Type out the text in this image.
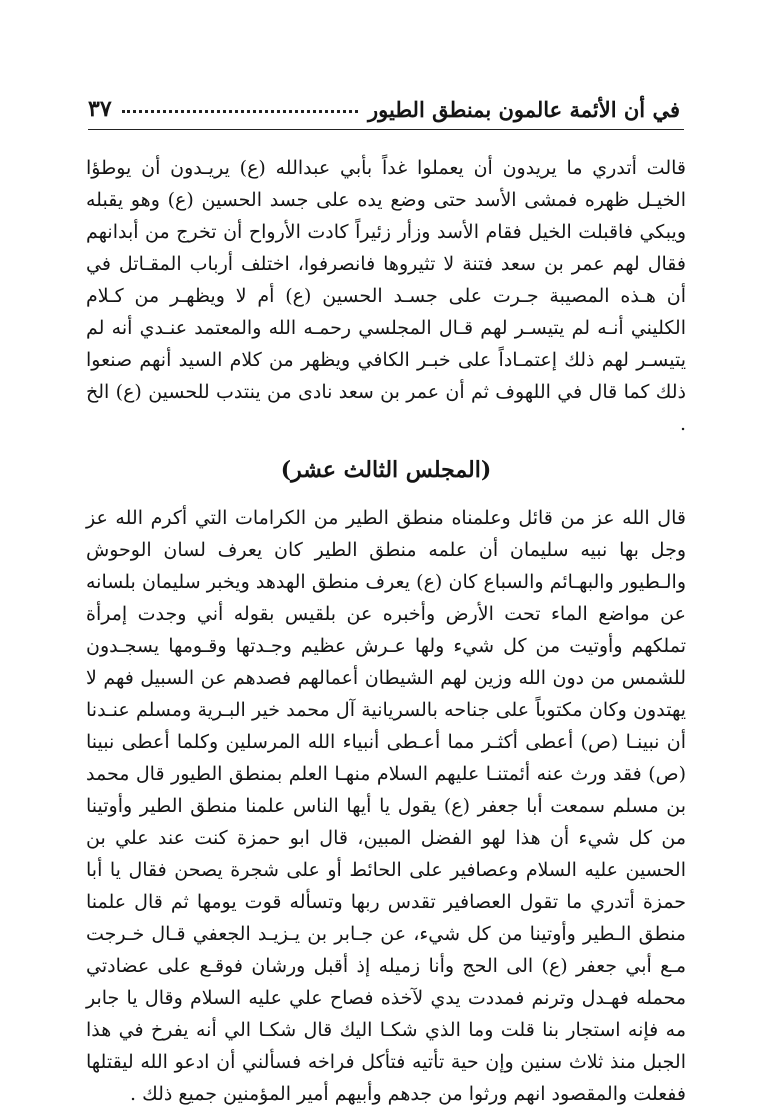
في أن الأئمة عالمون بمنطق الطيور
٣٧

قالت أتدري ما يريدون أن يعملوا غداً بأبي عبدالله (ع) يريـدون أن يوطؤا الخيـل ظهره فمشى الأسد حتى وضع يده على جسد الحسين (ع) وهو يقبله ويبكي فاقبلت الخيل فقام الأسد وزأر زئيراً كادت الأرواح أن تخرج من أبدانهم فقال لهم عمر بن سعد فتنة لا تثيروها فانصرفوا، اختلف أرباب المقـاتل في أن هـذه المصيبة جـرت على جسـد الحسين (ع) أم لا ويظهـر من كـلام الكليني أنـه لم يتيسـر لهم قـال المجلسي رحمـه الله والمعتمد عنـدي أنه لم يتيسـر لهم ذلك إعتمـاداً على خبـر الكافي ويظهر من كلام السيد أنهم صنعوا ذلك كما قال في اللهوف ثم أن عمر بن سعد نادى من ينتدب للحسين (ع) الخ .

(المجلس الثالث عشر)

قال الله عز من قائل وعلمناه منطق الطير من الكرامات التي أكرم الله عز وجل بها نبيه سليمان أن علمه منطق الطير كان يعرف لسان الوحوش والـطيور والبهـائم والسباع كان (ع) يعرف منطق الهدهد ويخبر سليمان بلسانه عن مواضع الماء تحت الأرض وأخبره عن بلقيس بقوله أني وجدت إمرأة تملكهم وأوتيت من كل شيء ولها عـرش عظيم وجـدتها وقـومها يسجـدون للشمس من دون الله وزين لهم الشيطان أعمالهم فصدهم عن السبيل فهم لا يهتدون وكان مكتوباً على جناحه بالسريانية آل محمد خير البـرية ومسلم عنـدنا أن نبينـا (ص) أعطى أكثـر مما أعـطى أنبياء الله المرسلين وكلما أعطى نبينا (ص) فقد ورث عنه أئمتنـا عليهم السلام منهـا العلم بمنطق الطيور قال محمد بن مسلم سمعت أبا جعفر (ع) يقول يا أيها الناس علمنا منطق الطير وأوتينا من كل شيء أن هذا لهو الفضل المبين، قال ابو حمزة كنت عند علي بن الحسين عليه السلام وعصافير على الحائط أو على شجرة يصحن فقال يا أبا حمزة أتدري ما تقول العصافير تقدس ربها وتسأله قوت يومها ثم قال علمنا منطق الـطير وأوتينا من كل شيء، عن جـابر بن يـزيـد الجعفي قـال خـرجت مـع أبي جعفر (ع) الى الحج وأنا زميله إذ أقبل ورشان فوقـع على عضادتي محمله فهـدل وترنم فمددت يدي لآخذه فصاح علي عليه السلام وقال يا جابر مه فإنه استجار بنا قلت وما الذي شكـا اليك قال شكـا الي أنه يفرخ في هذا الجبل منذ ثلاث سنين وإن حية تأتيه فتأكل فراخه فسألني أن ادعو الله ليقتلها ففعلت والمقصود انهم ورثوا من جدهم وأبيهم أمير المؤمنين جميع ذلك .
